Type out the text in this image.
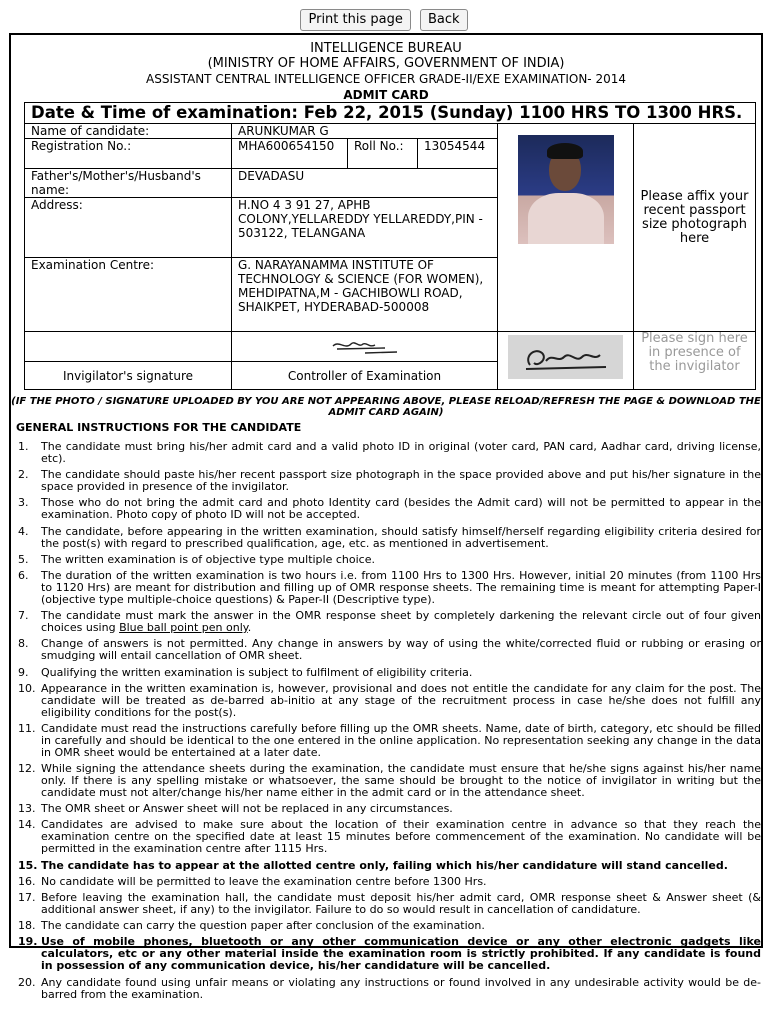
Print this page Back
INTELLIGENCE BUREAU
(MINISTRY OF HOME AFFAIRS, GOVERNMENT OF INDIA)
ASSISTANT CENTRAL INTELLIGENCE OFFICER GRADE-II/EXE EXAMINATION- 2014
ADMIT CARD
Date & Time of examination: Feb 22, 2015 (Sunday) 1100 HRS TO 1300 HRS.					
Name of candidate:	ARUNKUMAR G				Please affix your recent passport size photograph here
Registration No.:	MHA600654150	Roll No.:	13054544		
Father's/Mother's/Husband's name:	DEVADASU				
Address:	H.NO 4 3 91 27, APHB COLONY,YELLAREDDY YELLAREDDY,PIN - 503122, TELANGANA				
Examination Centre:	G. NARAYANAMMA INSTITUTE OF TECHNOLOGY & SCIENCE (FOR WOMEN), MEHDIPATNA,M - GACHIBOWLI ROAD, SHAIKPET, HYDERABAD-500008				

	Please sign here in presence of the invigilator
Invigilator's signature	Controller of Examination				
(IF THE PHOTO / SIGNATURE UPLOADED BY YOU ARE NOT APPEARING ABOVE, PLEASE RELOAD/REFRESH THE PAGE & DOWNLOAD THE ADMIT CARD AGAIN)
GENERAL INSTRUCTIONS FOR THE CANDIDATE
1. The candidate must bring his/her admit card and a valid photo ID in original (voter card, PAN card, Aadhar card, driving license, etc).
2. The candidate should paste his/her recent passport size photograph in the space provided above and put his/her signature in the space provided in presence of the invigilator.
3. Those who do not bring the admit card and photo Identity card (besides the Admit card) will not be permitted to appear in the examination. Photo copy of photo ID will not be accepted.
4. The candidate, before appearing in the written examination, should satisfy himself/herself regarding eligibility criteria desired for the post(s) with regard to prescribed qualification, age, etc. as mentioned in advertisement.
5. The written examination is of objective type multiple choice.
6. The duration of the written examination is two hours i.e. from 1100 Hrs to 1300 Hrs. However, initial 20 minutes (from 1100 Hrs to 1120 Hrs) are meant for distribution and filling up of OMR response sheets. The remaining time is meant for attempting Paper-I (objective type multiple-choice questions) & Paper-II (Descriptive type).
7. The candidate must mark the answer in the OMR response sheet by completely darkening the relevant circle out of four given choices using Blue ball point pen only.
8. Change of answers is not permitted. Any change in answers by way of using the white/corrected fluid or rubbing or erasing or smudging will entail cancellation of OMR sheet.
9. Qualifying the written examination is subject to fulfilment of eligibility criteria.
10. Appearance in the written examination is, however, provisional and does not entitle the candidate for any claim for the post. The candidate will be treated as de-barred ab-initio at any stage of the recruitment process in case he/she does not fulfill any eligibility conditions for the post(s).
11. Candidate must read the instructions carefully before filling up the OMR sheets. Name, date of birth, category, etc should be filled in carefully and should be identical to the one entered in the online application. No representation seeking any change in the data in OMR sheet would be entertained at a later date.
12. While signing the attendance sheets during the examination, the candidate must ensure that he/she signs against his/her name only. If there is any spelling mistake or whatsoever, the same should be brought to the notice of invigilator in writing but the candidate must not alter/change his/her name either in the admit card or in the attendance sheet.
13. The OMR sheet or Answer sheet will not be replaced in any circumstances.
14. Candidates are advised to make sure about the location of their examination centre in advance so that they reach the examination centre on the specified date at least 15 minutes before commencement of the examination. No candidate will be permitted in the examination centre after 1115 Hrs.
15. The candidate has to appear at the allotted centre only, failing which his/her candidature will stand cancelled.
16. No candidate will be permitted to leave the examination centre before 1300 Hrs.
17. Before leaving the examination hall, the candidate must deposit his/her admit card, OMR response sheet & Answer sheet (& additional answer sheet, if any) to the invigilator. Failure to do so would result in cancellation of candidature.
18. The candidate can carry the question paper after conclusion of the examination.
19. Use of mobile phones, bluetooth or any other communication device or any other electronic gadgets like calculators, etc or any other material inside the examination room is strictly prohibited. If any candidate is found in possession of any communication device, his/her candidature will be cancelled.
20. Any candidate found using unfair means or violating any instructions or found involved in any undesirable activity would be de-barred from the examination.
